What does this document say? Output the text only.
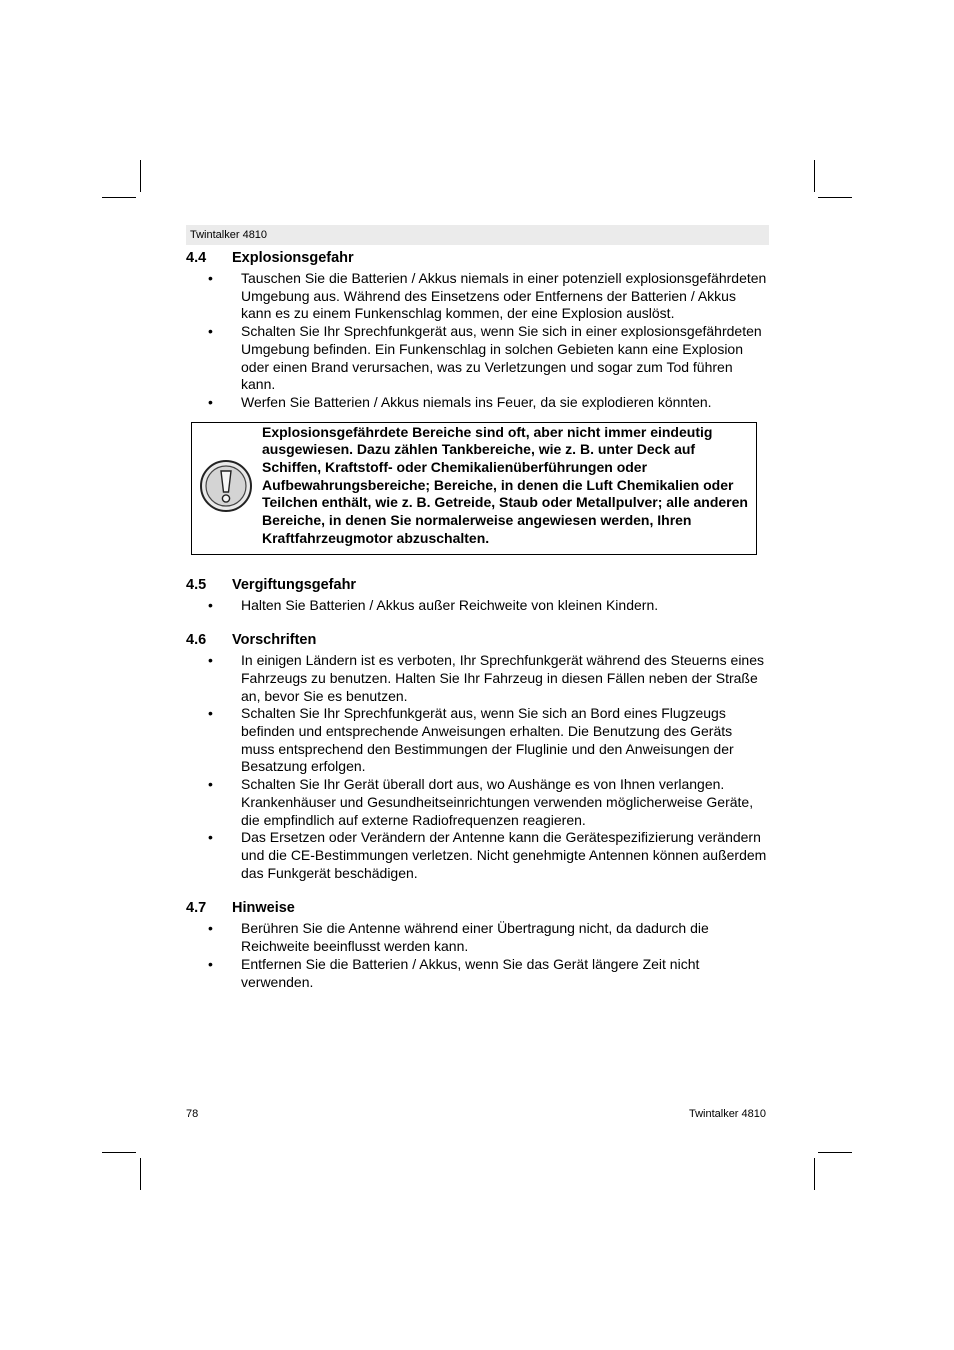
Twintalker 4810
4.4	Explosionsgefahr
• Tauschen Sie die Batterien / Akkus niemals in einer potenziell explosionsgefährdeten Umgebung aus. Während des Einsetzens oder Entfernens der Batterien / Akkus kann es zu einem Funkenschlag kommen, der eine Explosion auslöst.
• Schalten Sie Ihr Sprechfunkgerät aus, wenn Sie sich in einer explosionsgefährdeten Umgebung befinden. Ein Funkenschlag in solchen Gebieten kann eine Explosion oder einen Brand verursachen, was zu Verletzungen und sogar zum Tod führen kann.
• Werfen Sie Batterien / Akkus niemals ins Feuer, da sie explodieren könnten.

Explosionsgefährdete Bereiche sind oft, aber nicht immer eindeutig ausgewiesen. Dazu zählen Tankbereiche, wie z. B. unter Deck auf Schiffen, Kraftstoff- oder Chemikalienüberführungen oder Aufbewahrungsbereiche; Bereiche, in denen die Luft Chemikalien oder Teilchen enthält, wie z. B. Getreide, Staub oder Metallpulver; alle anderen Bereiche, in denen Sie normalerweise angewiesen werden, Ihren Kraftfahrzeugmotor abzuschalten.

4.5	Vergiftungsgefahr
• Halten Sie Batterien / Akkus außer Reichweite von kleinen Kindern.
4.6	Vorschriften
• In einigen Ländern ist es verboten, Ihr Sprechfunkgerät während des Steuerns eines Fahrzeugs zu benutzen. Halten Sie Ihr Fahrzeug in diesen Fällen neben der Straße an, bevor Sie es benutzen.
• Schalten Sie Ihr Sprechfunkgerät aus, wenn Sie sich an Bord eines Flugzeugs befinden und entsprechende Anweisungen erhalten. Die Benutzung des Geräts muss entsprechend den Bestimmungen der Fluglinie und den Anweisungen der Besatzung erfolgen.
• Schalten Sie Ihr Gerät überall dort aus, wo Aushänge es von Ihnen verlangen. Krankenhäuser und Gesundheitseinrichtungen verwenden möglicherweise Geräte, die empfindlich auf externe Radiofrequenzen reagieren.
• Das Ersetzen oder Verändern der Antenne kann die Gerätespezifizierung verändern und die CE-Bestimmungen verletzen. Nicht genehmigte Antennen können außerdem das Funkgerät beschädigen.
4.7	Hinweise
• Berühren Sie die Antenne während einer Übertragung nicht, da dadurch die Reichweite beeinflusst werden kann.
• Entfernen Sie die Batterien / Akkus, wenn Sie das Gerät längere Zeit nicht verwenden.
78	Twintalker 4810
